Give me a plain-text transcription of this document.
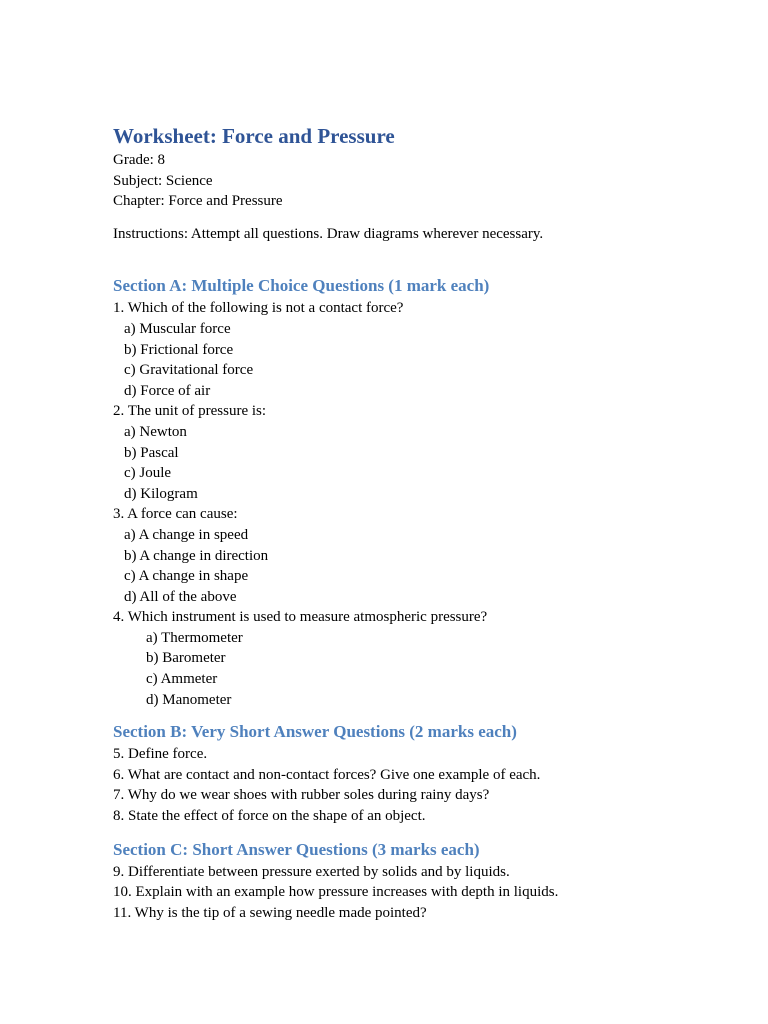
Worksheet: Force and Pressure

Grade: 8

Subject: Science

Chapter: Force and Pressure

Instructions: Attempt all questions. Draw diagrams wherever necessary.

Section A: Multiple Choice Questions (1 mark each)

1. Which of the following is not a contact force?

a) Muscular force

b) Frictional force

c) Gravitational force

d) Force of air

2. The unit of pressure is:

a) Newton

b) Pascal

c) Joule

d) Kilogram

3. A force can cause:

a) A change in speed

b) A change in direction

c) A change in shape

d) All of the above

4. Which instrument is used to measure atmospheric pressure?

a) Thermometer

b) Barometer

c) Ammeter

d) Manometer

Section B: Very Short Answer Questions (2 marks each)

5. Define force.

6. What are contact and non-contact forces? Give one example of each.

7. Why do we wear shoes with rubber soles during rainy days?

8. State the effect of force on the shape of an object.

Section C: Short Answer Questions (3 marks each)

9. Differentiate between pressure exerted by solids and by liquids.

10. Explain with an example how pressure increases with depth in liquids.

11. Why is the tip of a sewing needle made pointed?
